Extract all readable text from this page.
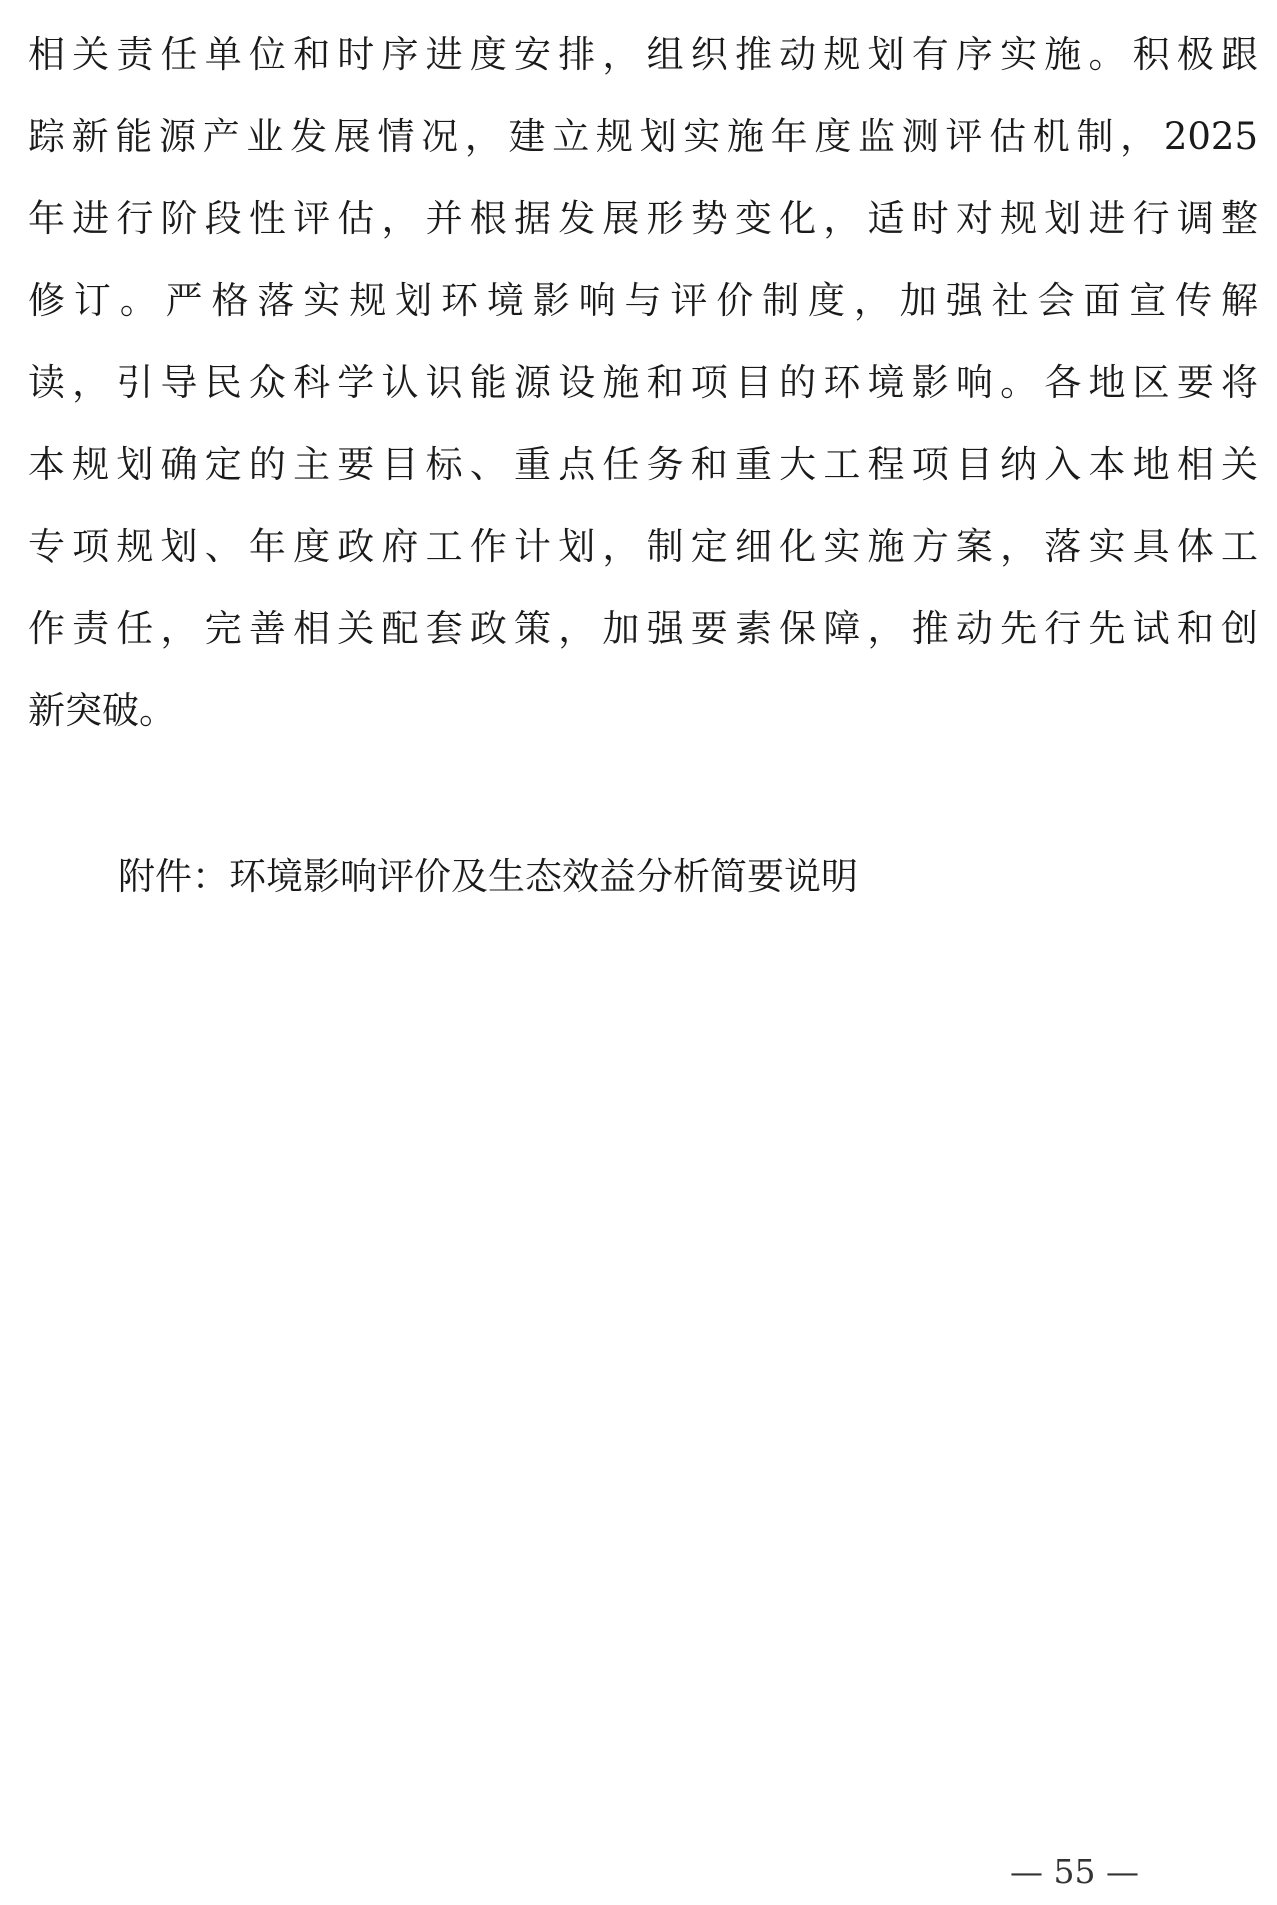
相关责任单位和时序进度安排，组织推动规划有序实施。积极跟
踪新能源产业发展情况，建立规划实施年度监测评估机制，2025
年进行阶段性评估，并根据发展形势变化，适时对规划进行调整
修订。严格落实规划环境影响与评价制度，加强社会面宣传解
读，引导民众科学认识能源设施和项目的环境影响。各地区要将
本规划确定的主要目标、重点任务和重大工程项目纳入本地相关
专项规划、年度政府工作计划，制定细化实施方案，落实具体工
作责任，完善相关配套政策，加强要素保障，推动先行先试和创
新突破。

附件：环境影响评价及生态效益分析简要说明

— 55 —
